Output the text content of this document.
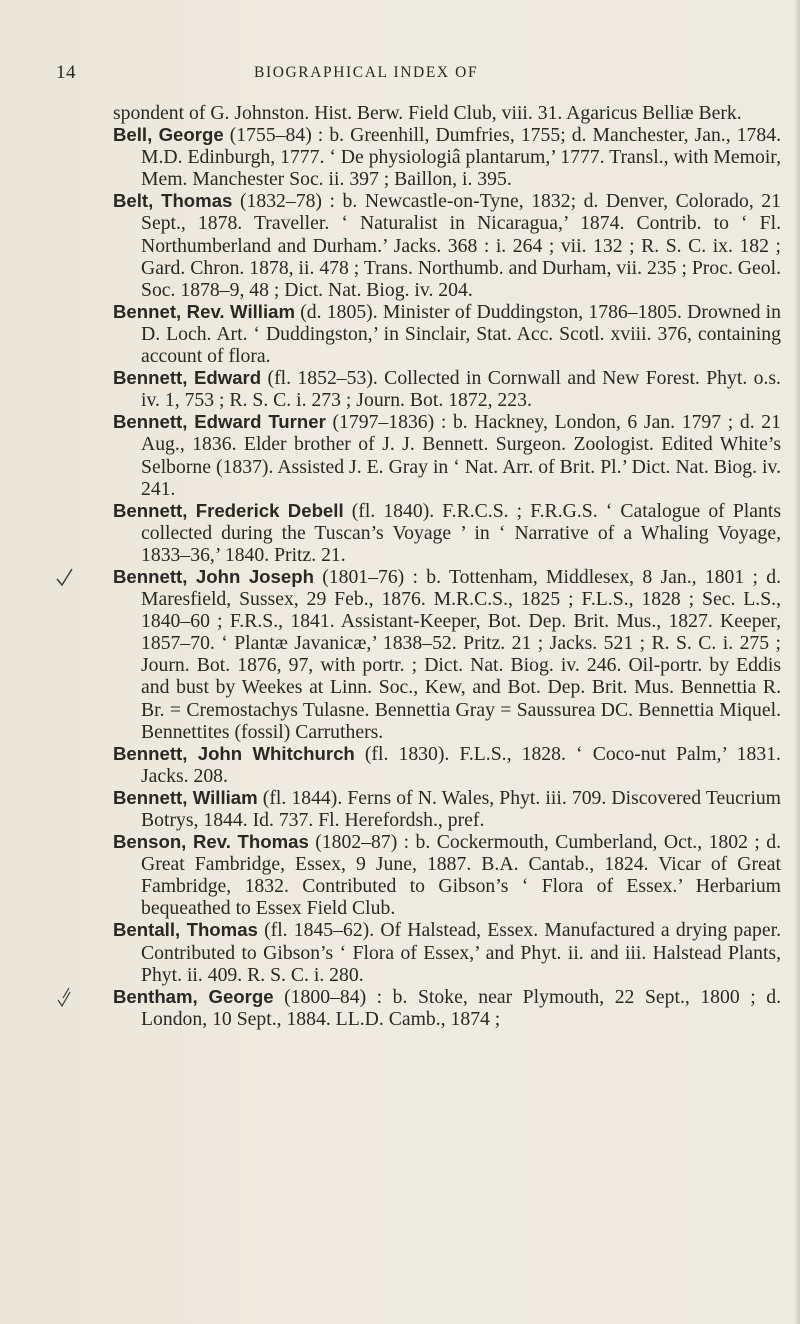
14	BIOGRAPHICAL INDEX OF

spondent of G. Johnston. Hist. Berw. Field Club, viii. 31. Agaricus Belliæ Berk.

Bell, George (1755–84) : b. Greenhill, Dumfries, 1755; d. Manchester, Jan., 1784. M.D. Edinburgh, 1777. ‘ De physiologiâ plantarum,’ 1777. Transl., with Memoir, Mem. Manchester Soc. ii. 397 ; Baillon, i. 395.

Belt, Thomas (1832–78) : b. Newcastle-on-Tyne, 1832; d. Denver, Colorado, 21 Sept., 1878. Traveller. ‘ Naturalist in Nicaragua,’ 1874. Contrib. to ‘ Fl. Northumberland and Durham.’ Jacks. 368 : i. 264 ; vii. 132 ; R. S. C. ix. 182 ; Gard. Chron. 1878, ii. 478 ; Trans. Northumb. and Durham, vii. 235 ; Proc. Geol. Soc. 1878–9, 48 ; Dict. Nat. Biog. iv. 204.

Bennet, Rev. William (d. 1805). Minister of Duddingston, 1786–1805. Drowned in D. Loch. Art. ‘ Duddingston,’ in Sinclair, Stat. Acc. Scotl. xviii. 376, containing account of flora.

Bennett, Edward (fl. 1852–53). Collected in Cornwall and New Forest. Phyt. o.s. iv. 1, 753 ; R. S. C. i. 273 ; Journ. Bot. 1872, 223.

Bennett, Edward Turner (1797–1836) : b. Hackney, London, 6 Jan. 1797 ; d. 21 Aug., 1836. Elder brother of J. J. Bennett. Surgeon. Zoologist. Edited White’s Selborne (1837). Assisted J. E. Gray in ‘ Nat. Arr. of Brit. Pl.’ Dict. Nat. Biog. iv. 241.

Bennett, Frederick Debell (fl. 1840). F.R.C.S. ; F.R.G.S. ‘ Catalogue of Plants collected during the Tuscan’s Voyage ’ in ‘ Narrative of a Whaling Voyage, 1833–36,’ 1840. Pritz. 21.

Bennett, John Joseph (1801–76) : b. Tottenham, Middlesex, 8 Jan., 1801 ; d. Maresfield, Sussex, 29 Feb., 1876. M.R.C.S., 1825 ; F.L.S., 1828 ; Sec. L.S., 1840–60 ; F.R.S., 1841. Assistant-Keeper, Bot. Dep. Brit. Mus., 1827. Keeper, 1857–70. ‘ Plantæ Javanicæ,’ 1838–52. Pritz. 21 ; Jacks. 521 ; R. S. C. i. 275 ; Journ. Bot. 1876, 97, with portr. ; Dict. Nat. Biog. iv. 246. Oil-portr. by Eddis and bust by Weekes at Linn. Soc., Kew, and Bot. Dep. Brit. Mus. Bennettia R. Br. = Cremostachys Tulasne. Bennettia Gray = Saussurea DC. Bennettia Miquel. Bennettites (fossil) Carruthers.

Bennett, John Whitchurch (fl. 1830). F.L.S., 1828. ‘ Coco-nut Palm,’ 1831. Jacks. 208.

Bennett, William (fl. 1844). Ferns of N. Wales, Phyt. iii. 709. Discovered Teucrium Botrys, 1844. Id. 737. Fl. Herefordsh., pref.

Benson, Rev. Thomas (1802–87) : b. Cockermouth, Cumberland, Oct., 1802 ; d. Great Fambridge, Essex, 9 June, 1887. B.A. Cantab., 1824. Vicar of Great Fambridge, 1832. Contributed to Gibson’s ‘ Flora of Essex.’ Herbarium bequeathed to Essex Field Club.

Bentall, Thomas (fl. 1845–62). Of Halstead, Essex. Manufactured a drying paper. Contributed to Gibson’s ‘ Flora of Essex,’ and Phyt. ii. and iii. Halstead Plants, Phyt. ii. 409. R. S. C. i. 280.

Bentham, George (1800–84) : b. Stoke, near Plymouth, 22 Sept., 1800 ; d. London, 10 Sept., 1884. LL.D. Camb., 1874 ;
